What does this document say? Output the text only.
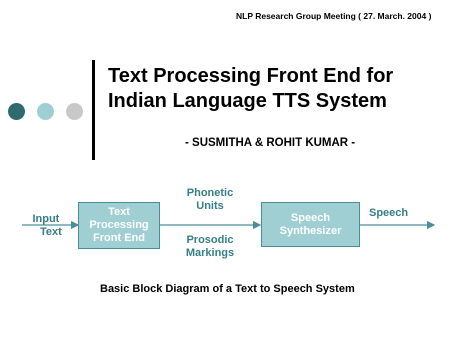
NLP Research Group Meeting ( 27. March. 2004 )
Text Processing Front End for
Indian Language TTS System
- SUSMITHA & ROHIT KUMAR -
Input
Text
Text
Processing
Front End
Phonetic
Units
Prosodic
Markings
Speech
Synthesizer
Speech
Basic Block Diagram of a Text to Speech System
